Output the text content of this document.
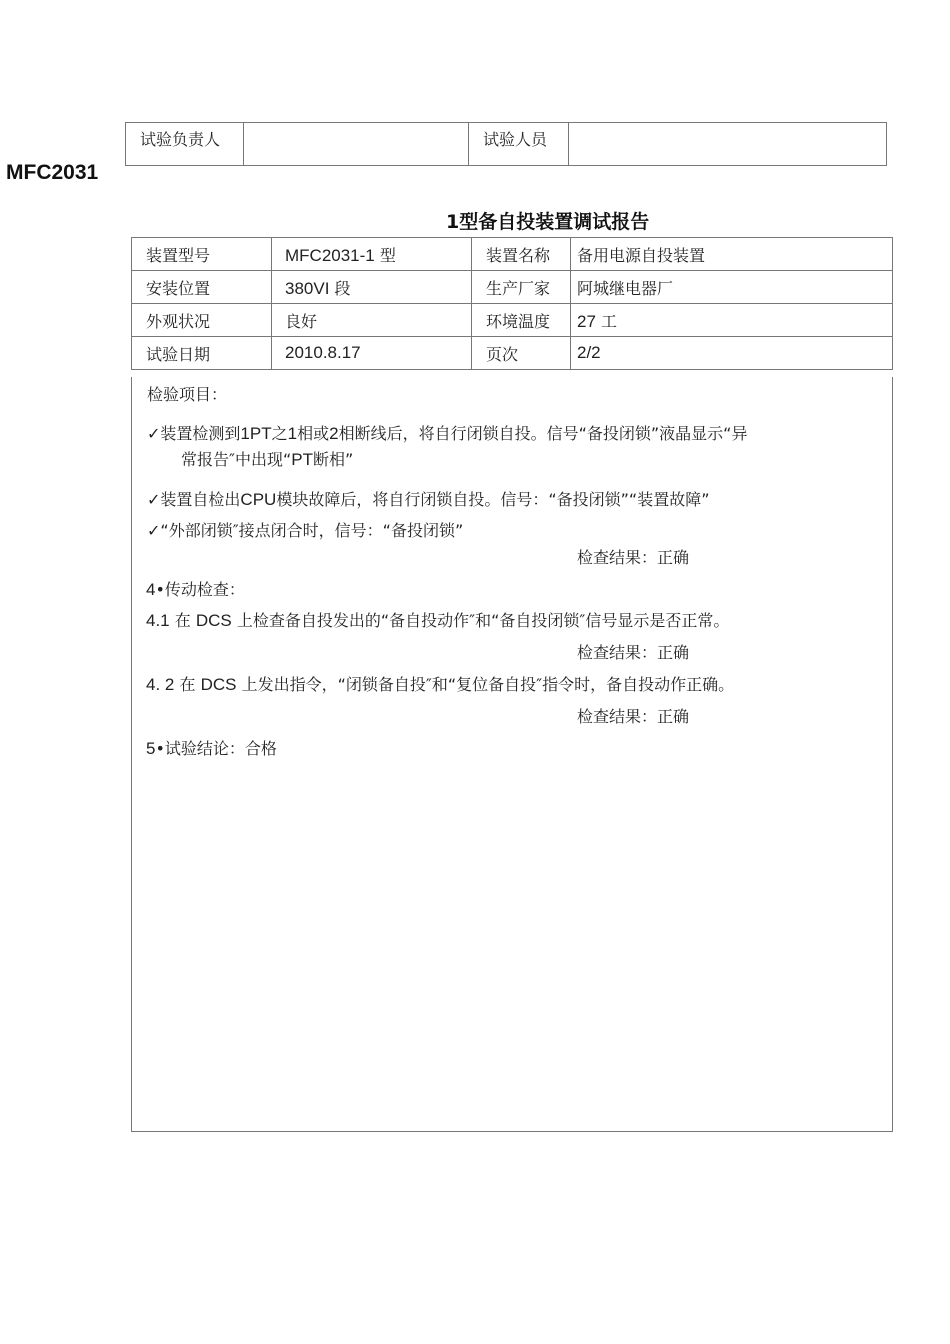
试验负责人		试验人员	
MFC2031
1型备自投装置调试报告
装置型号	MFC2031-1 型	装置名称	备用电源自投装置
安装位置	380VI 段	生产厂家	阿城继电器厂
外观状况	良好	环境温度	27 工
试验日期	2010.8.17	页次	2/2
检验项目：
✓装置检测到1PT之1相或2相断线后，将自行闭锁自投。信号“备投闭锁”液晶显示“异
常报告″中出现“PT断相”
✓装置自检出CPU模块故障后，将自行闭锁自投。信号：“备投闭锁”“装置故障”
✓“外部闭锁″接点闭合时，信号：“备投闭锁”
检查结果：正确
4•传动检查：
4.1 在 DCS 上检查备自投发出的“备自投动作″和“备自投闭锁″信号显示是否正常。
检查结果：正确
4. 2 在 DCS 上发出指令，“闭锁备自投″和“复位备自投″指令时，备自投动作正确。
检查结果：正确
5•试验结论：合格
